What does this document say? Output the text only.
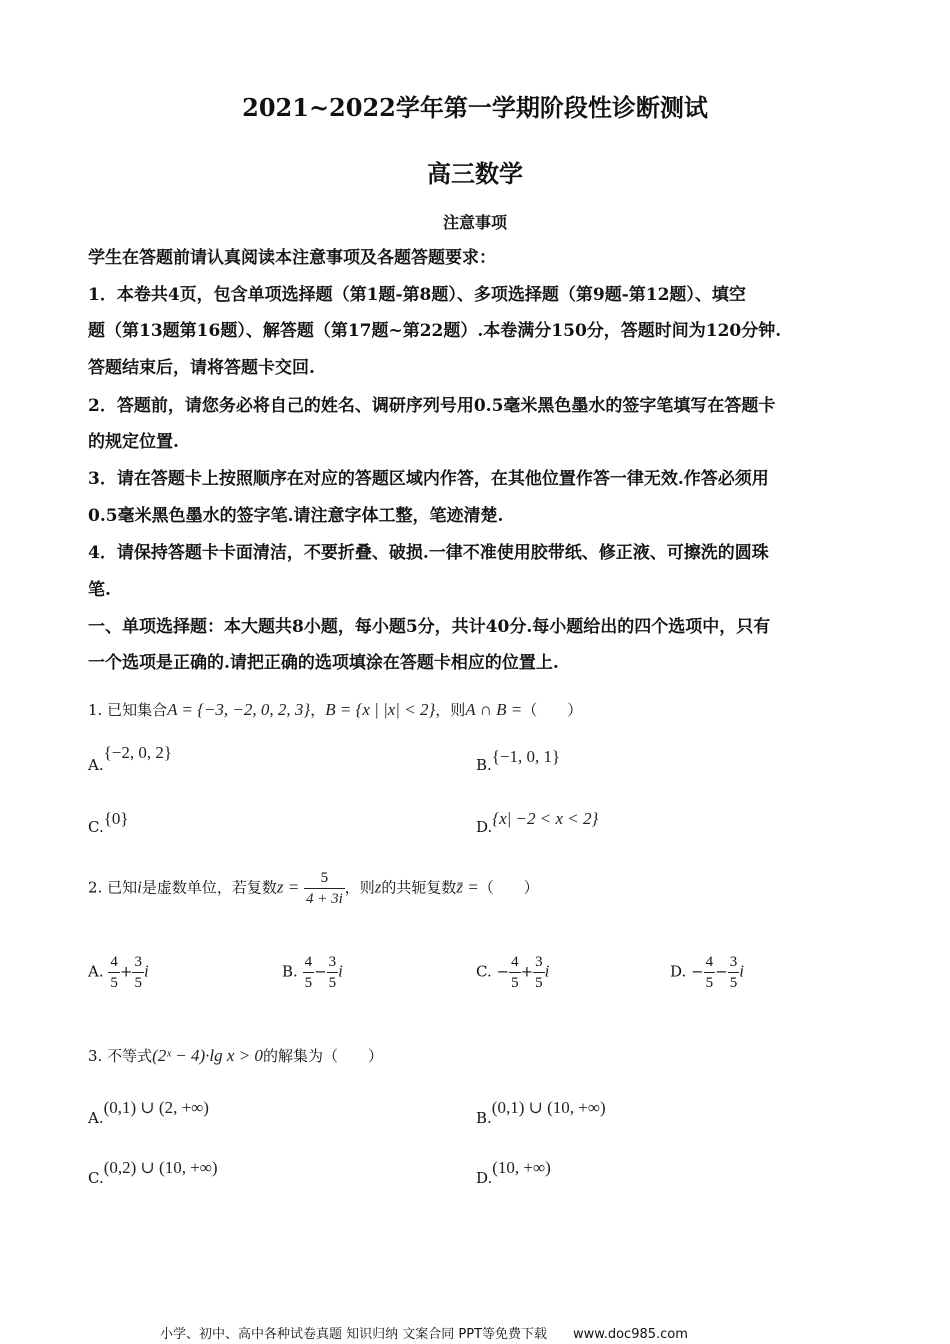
2021~2022学年第一学期阶段性诊断测试
高三数学
注意事项
学生在答题前请认真阅读本注意事项及各题答题要求：
1．本卷共4页，包含单项选择题（第1题-第8题）、多项选择题（第9题-第12题）、填空
题（第13题第16题）、解答题（第17题~第22题）.本卷满分150分，答题时间为120分钟.
答题结束后，请将答题卡交回.
2．答题前，请您务必将自己的姓名、调研序列号用0.5毫米黑色墨水的签字笔填写在答题卡
的规定位置.
3．请在答题卡上按照顺序在对应的答题区域内作答，在其他位置作答一律无效.作答必须用
0.5毫米黑色墨水的签字笔.请注意字体工整，笔迹清楚.
4．请保持答题卡卡面清洁，不要折叠、破损.一律不准使用胶带纸、修正液、可擦洗的圆珠
笔.
一、单项选择题：本大题共8小题，每小题5分，共计40分.每小题给出的四个选项中，只有
一个选项是正确的.请把正确的选项填涂在答题卡相应的位置上.
1. 已知集合A = {−3, −2, 0, 2, 3}，B = {x | |x| < 2}，则A ∩ B =（　　）
A.{−2, 0, 2}
B.{−1, 0, 1}
C.{0}	D.{x| −2 < x < 2}
2. 已知i是虚数单位，若复数$z = \frac{5}{4 + 3i}$ ，则z的共轭复数z̄ =（　　）
A. $\frac{4}{5} + \frac{3}{5}$ i	B. $\frac{4}{5} - \frac{3}{5}$ i	C. − $\frac{4}{5} + \frac{3}{5}$ i	D. − $\frac{4}{5} - \frac{3}{5}$ i
3. 不等式(2ˣ − 4)·lg x > 0的解集为（　　）
A.(0,1) ∪ (2, +∞)
B.(0,1) ∪ (10, +∞)
C.(0,2) ∪ (10, +∞)
D.(10, +∞)
小学、初中、高中各种试卷真题 知识归纳 文案合同 PPT等免费下载　　www.doc985.com
